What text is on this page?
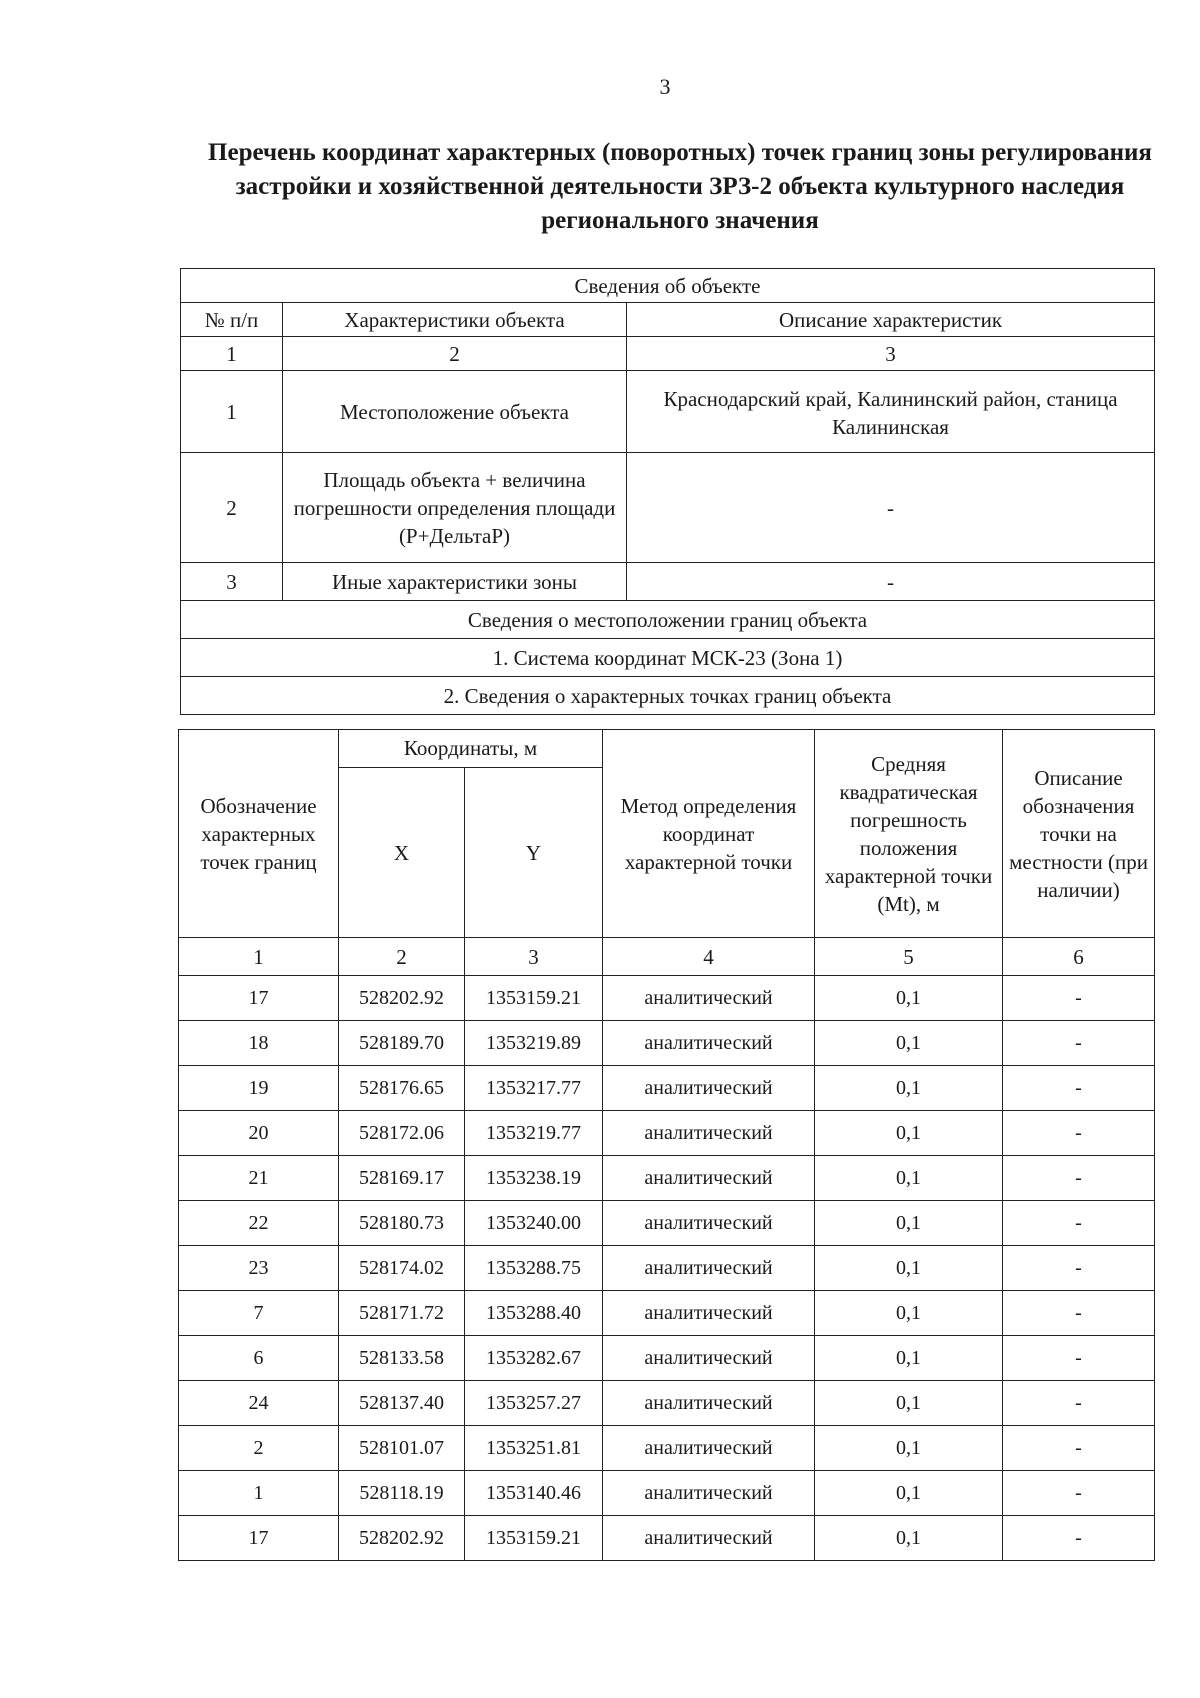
3
Перечень координат характерных (поворотных) точек границ зоны регулирования застройки и хозяйственной деятельности ЗРЗ-2 объекта культурного наследия регионального значения
Сведения об объекте		
№ п/п	Характеристики объекта	Описание характеристик
1	2	3
1	Местоположение объекта	Краснодарский край, Калининский район, станица Калининская
2	Площадь объекта + величина погрешности определения площади (Р+ДельтаР)	-
3	Иные характеристики зоны	-
Сведения о местоположении границ объекта		
1. Система координат МСК-23 (Зона 1)		
2. Сведения о характерных точках границ объекта		
Обозначение характерных точек границ	Координаты, м		Метод определения координат характерной точки	Средняя квадратическая погрешность положения характерной точки (Mt), м	Описание обозначения точки на местности (при наличии)
	X	Y			
1	2	3	4	5	6
17	528202.92	1353159.21	аналитический	0,1	-
18	528189.70	1353219.89	аналитический	0,1	-
19	528176.65	1353217.77	аналитический	0,1	-
20	528172.06	1353219.77	аналитический	0,1	-
21	528169.17	1353238.19	аналитический	0,1	-
22	528180.73	1353240.00	аналитический	0,1	-
23	528174.02	1353288.75	аналитический	0,1	-
7	528171.72	1353288.40	аналитический	0,1	-
6	528133.58	1353282.67	аналитический	0,1	-
24	528137.40	1353257.27	аналитический	0,1	-
2	528101.07	1353251.81	аналитический	0,1	-
1	528118.19	1353140.46	аналитический	0,1	-
17	528202.92	1353159.21	аналитический	0,1	-
